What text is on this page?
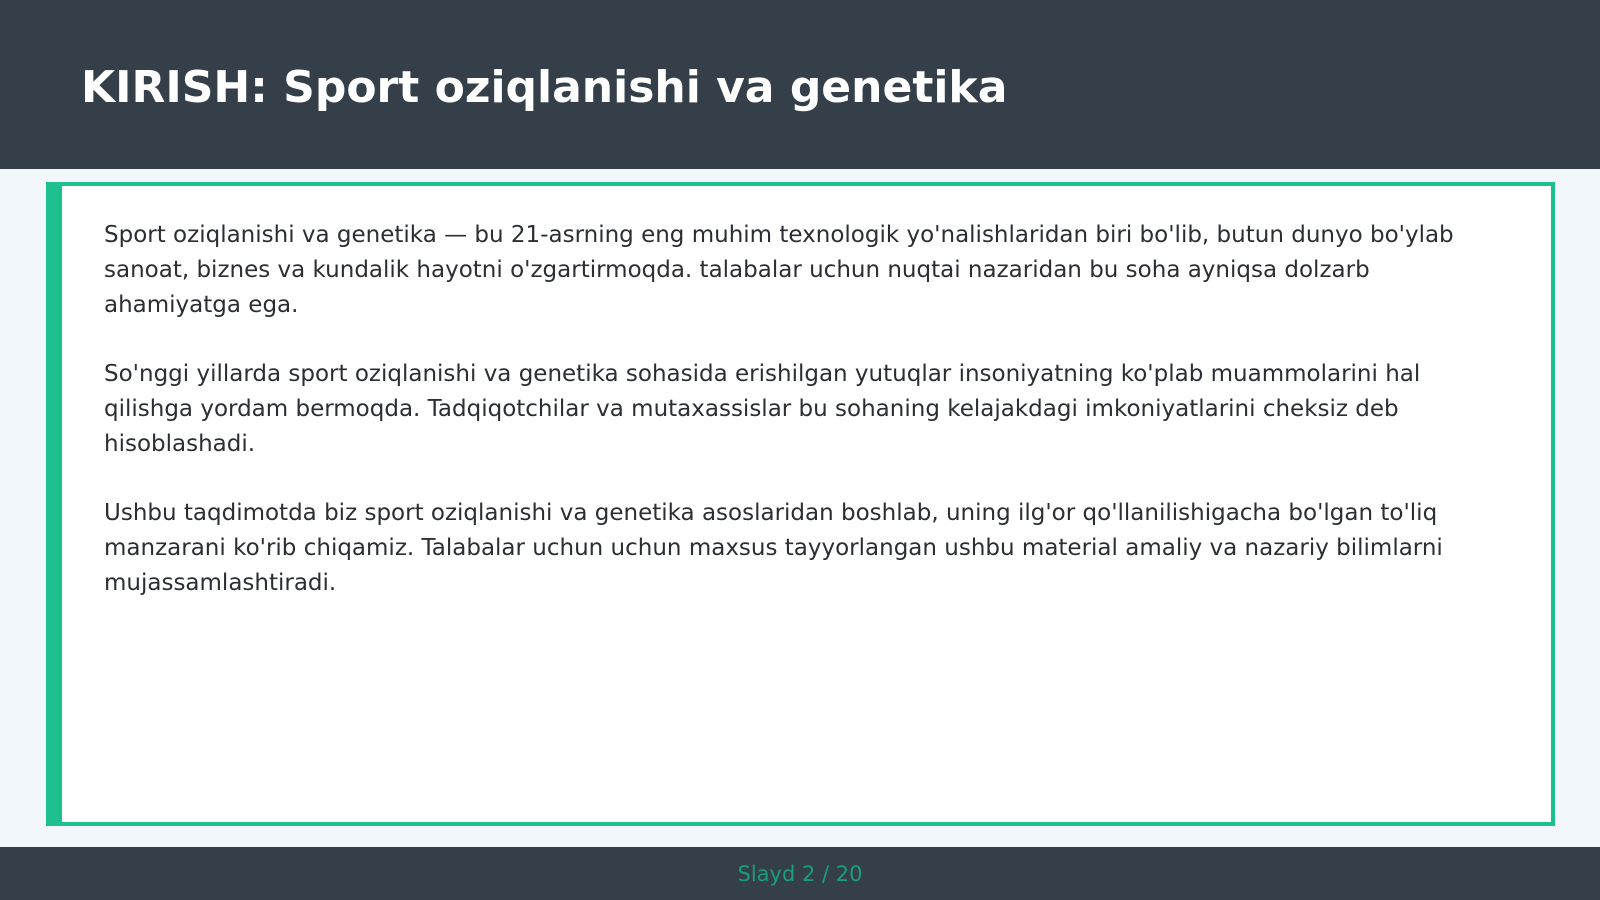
KIRISH: Sport oziqlanishi va genetika

Sport oziqlanishi va genetika — bu 21-asrning eng muhim texnologik yo'nalishlaridan biri bo'lib, butun dunyo bo'ylab sanoat, biznes va kundalik hayotni o'zgartirmoqda. talabalar uchun nuqtai nazaridan bu soha ayniqsa dolzarb ahamiyatga ega.

So'nggi yillarda sport oziqlanishi va genetika sohasida erishilgan yutuqlar insoniyatning ko'plab muammolarini hal qilishga yordam bermoqda. Tadqiqotchilar va mutaxassislar bu sohaning kelajakdagi imkoniyatlarini cheksiz deb hisoblashadi.

Ushbu taqdimotda biz sport oziqlanishi va genetika asoslaridan boshlab, uning ilg'or qo'llanilishigacha bo'lgan to'liq manzarani ko'rib chiqamiz. Talabalar uchun uchun maxsus tayyorlangan ushbu material amaliy va nazariy bilimlarni mujassamlashtiradi.

Slayd 2 / 20
